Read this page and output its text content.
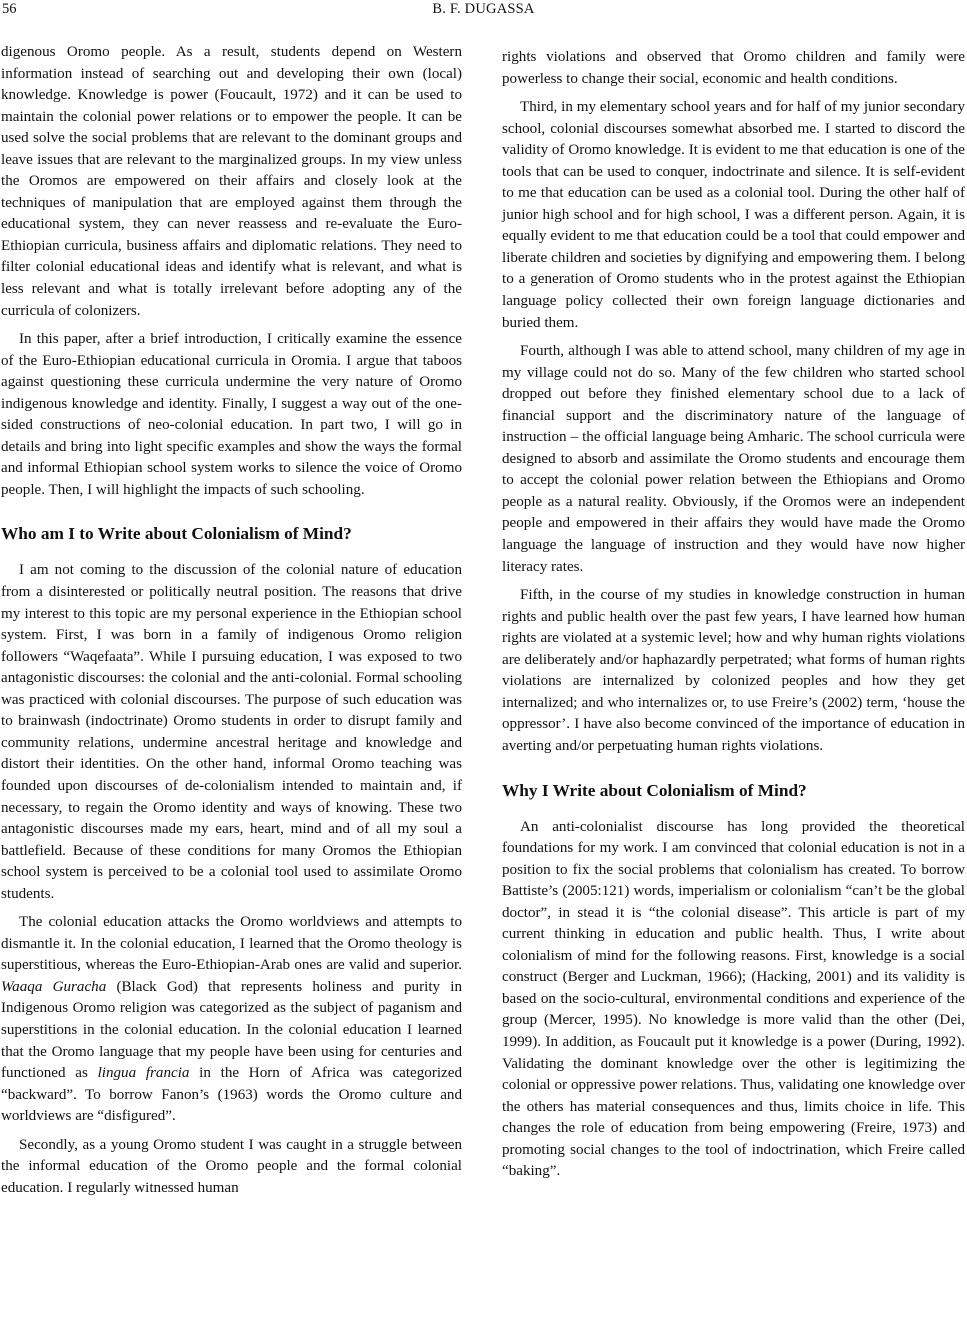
56	B. F. DUGASSA

digenous Oromo people. As a result, students depend on Western information instead of searching out and developing their own (local) knowledge. Knowledge is power (Foucault, 1972) and it can be used to maintain the colonial power relations or to empower the people. It can be used solve the social problems that are relevant to the dominant groups and leave issues that are relevant to the marginalized groups. In my view unless the Oromos are empowered on their affairs and closely look at the techniques of manipulation that are employed against them through the educational system, they can never reassess and re-evaluate the Euro-Ethiopian curricula, business affairs and diplomatic relations. They need to filter colonial educational ideas and identify what is relevant, and what is less relevant and what is totally irrelevant before adopting any of the curricula of colonizers.

In this paper, after a brief introduction, I critically examine the essence of the Euro-Ethiopian educational curricula in Oromia. I argue that taboos against questioning these curricula undermine the very nature of Oromo indigenous knowledge and identity. Finally, I suggest a way out of the one-sided constructions of neo-colonial education. In part two, I will go in details and bring into light specific examples and show the ways the formal and informal Ethiopian school system works to silence the voice of Oromo people. Then, I will highlight the impacts of such schooling.

Who am I to Write about Colonialism of Mind?

I am not coming to the discussion of the colonial nature of education from a disinterested or politically neutral position. The reasons that drive my interest to this topic are my personal experience in the Ethiopian school system. First, I was born in a family of indigenous Oromo religion followers “Waqefaata”. While I pursuing education, I was exposed to two antagonistic discourses: the colonial and the anti-colonial. Formal schooling was practiced with colonial discourses. The purpose of such education was to brainwash (indoctrinate) Oromo students in order to disrupt family and community relations, undermine ancestral heritage and knowledge and distort their identities. On the other hand, informal Oromo teaching was founded upon discourses of de-colonialism intended to maintain and, if necessary, to regain the Oromo identity and ways of knowing. These two antagonistic discourses made my ears, heart, mind and of all my soul a battlefield. Because of these conditions for many Oromos the Ethiopian school system is perceived to be a colonial tool used to assimilate Oromo students.

The colonial education attacks the Oromo worldviews and attempts to dismantle it. In the colonial education, I learned that the Oromo theology is superstitious, whereas the Euro-Ethiopian-Arab ones are valid and superior. Waaqa Guracha (Black God) that represents holiness and purity in Indigenous Oromo religion was categorized as the subject of paganism and superstitions in the colonial education. In the colonial education I learned that the Oromo language that my people have been using for centuries and functioned as lingua francia in the Horn of Africa was categorized “backward”. To borrow Fanon’s (1963) words the Oromo culture and worldviews are “disfigured”.

Secondly, as a young Oromo student I was caught in a struggle between the informal education of the Oromo people and the formal colonial education. I regularly witnessed human

rights violations and observed that Oromo children and family were powerless to change their social, economic and health conditions.

Third, in my elementary school years and for half of my junior secondary school, colonial discourses somewhat absorbed me. I started to discord the validity of Oromo knowledge. It is evident to me that education is one of the tools that can be used to conquer, indoctrinate and silence. It is self-evident to me that education can be used as a colonial tool. During the other half of junior high school and for high school, I was a different person. Again, it is equally evident to me that education could be a tool that could empower and liberate children and societies by dignifying and empowering them. I belong to a generation of Oromo students who in the protest against the Ethiopian language policy collected their own foreign language dictionaries and buried them.

Fourth, although I was able to attend school, many children of my age in my village could not do so. Many of the few children who started school dropped out before they finished elementary school due to a lack of financial support and the discriminatory nature of the language of instruction – the official language being Amharic. The school curricula were designed to absorb and assimilate the Oromo students and encourage them to accept the colonial power relation between the Ethiopians and Oromo people as a natural reality. Obviously, if the Oromos were an independent people and empowered in their affairs they would have made the Oromo language the language of instruction and they would have now higher literacy rates.

Fifth, in the course of my studies in knowledge construction in human rights and public health over the past few years, I have learned how human rights are violated at a systemic level; how and why human rights violations are deliberately and/or haphazardly perpetrated; what forms of human rights violations are internalized by colonized peoples and how they get internalized; and who internalizes or, to use Freire’s (2002) term, ‘house the oppressor’. I have also become convinced of the importance of education in averting and/or perpetuating human rights violations.

Why I Write about Colonialism of Mind?

An anti-colonialist discourse has long provided the theoretical foundations for my work. I am convinced that colonial education is not in a position to fix the social problems that colonialism has created. To borrow Battiste’s (2005:121) words, imperialism or colonialism “can’t be the global doctor”, in stead it is “the colonial disease”. This article is part of my current thinking in education and public health. Thus, I write about colonialism of mind for the following reasons. First, knowledge is a social construct (Berger and Luckman, 1966); (Hacking, 2001) and its validity is based on the socio-cultural, environmental conditions and experience of the group (Mercer, 1995). No knowledge is more valid than the other (Dei, 1999). In addition, as Foucault put it knowledge is a power (During, 1992). Validating the dominant knowledge over the other is legitimizing the colonial or oppressive power relations. Thus, validating one knowledge over the others has material consequences and thus, limits choice in life. This changes the role of education from being empowering (Freire, 1973) and promoting social changes to the tool of indoctrination, which Freire called “baking”.
